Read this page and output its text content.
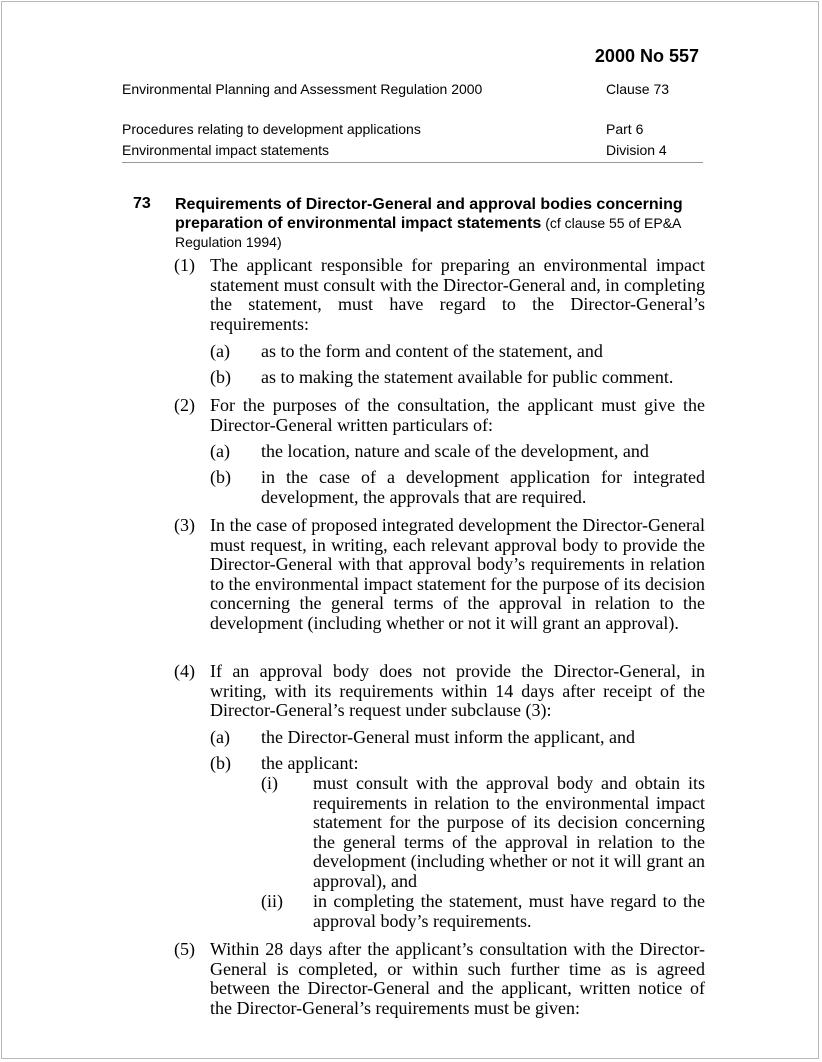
2000 No 557
Environmental Planning and Assessment Regulation 2000	Clause 73
Procedures relating to development applications	Part 6
Environmental impact statements	Division 4
73 Requirements of Director-General and approval bodies concerning preparation of environmental impact statements (cf clause 55 of EP&A Regulation 1994)
(1) The applicant responsible for preparing an environmental impact statement must consult with the Director-General and, in completing the statement, must have regard to the Director-General’s requirements:
(a) as to the form and content of the statement, and
(b) as to making the statement available for public comment.
(2) For the purposes of the consultation, the applicant must give the Director-General written particulars of:
(a) the location, nature and scale of the development, and
(b) in the case of a development application for integrated development, the approvals that are required.
(3) In the case of proposed integrated development the Director-General must request, in writing, each relevant approval body to provide the Director-General with that approval body’s requirements in relation to the environmental impact statement for the purpose of its decision concerning the general terms of the approval in relation to the development (including whether or not it will grant an approval).
(4) If an approval body does not provide the Director-General, in writing, with its requirements within 14 days after receipt of the Director-General’s request under subclause (3):
(a) the Director-General must inform the applicant, and
(b) the applicant:
(i) must consult with the approval body and obtain its requirements in relation to the environmental impact statement for the purpose of its decision concerning the general terms of the approval in relation to the development (including whether or not it will grant an approval), and
(ii) in completing the statement, must have regard to the approval body’s requirements.
(5) Within 28 days after the applicant’s consultation with the Director-General is completed, or within such further time as is agreed between the Director-General and the applicant, written notice of the Director-General’s requirements must be given:
